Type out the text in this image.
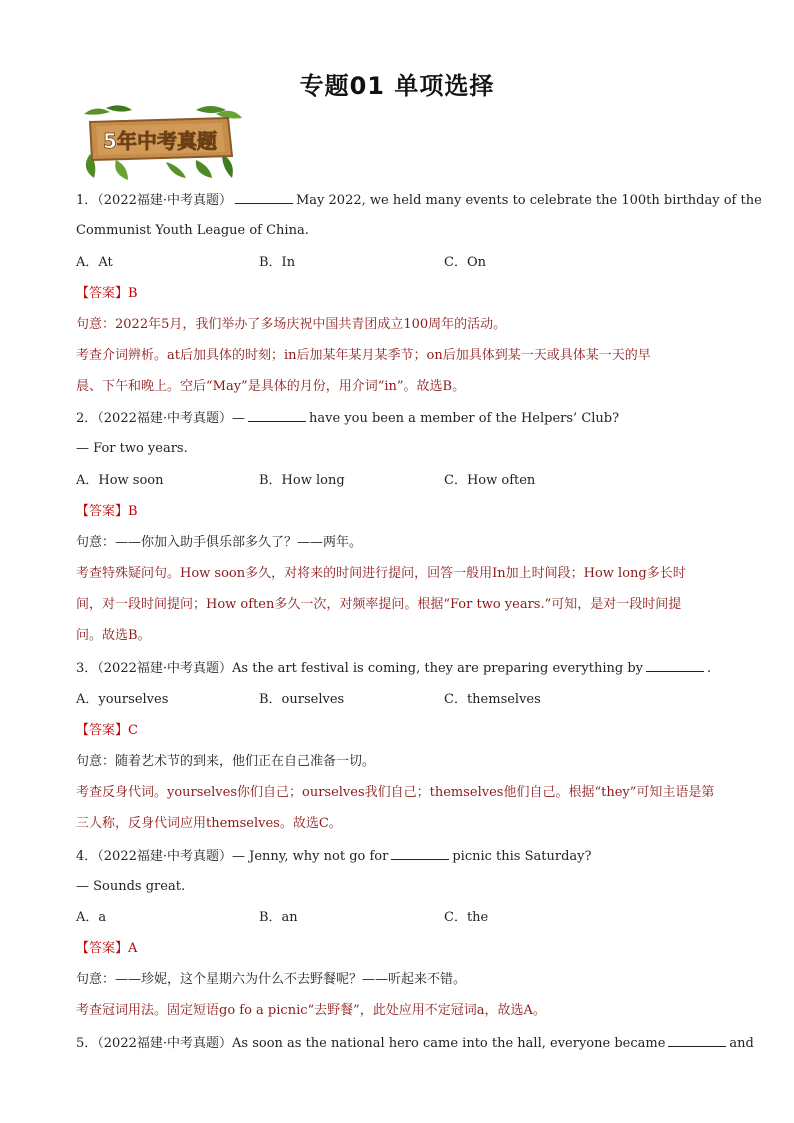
专题01 单项选择
5年中考真题
1．（2022福建·中考真题）	May 2022, we held many events to celebrate the 100th birthday of the
Communist Youth League of China.
A．At	B．In	C．On
【答案】B
句意：2022年5月，我们举办了多场庆祝中国共青团成立100周年的活动。
考查介词辨析。at后加具体的时刻；in后加某年某月某季节；on后加具体到某一天或具体某一天的早
晨、下午和晚上。空后“May”是具体的月份，用介词“in”。故选B。
2．（2022福建·中考真题）—	have you been a member of the Helpers’ Club?
— For two years.
A．How soon	B．How long	C．How often
【答案】B
句意：——你加入助手俱乐部多久了？——两年。
考查特殊疑问句。How soon多久，对将来的时间进行提问，回答一般用In加上时间段；How long多长时
间，对一段时间提问；How often多久一次，对频率提问。根据“For two years.”可知，是对一段时间提
问。故选B。
3．（2022福建·中考真题）As the art festival is coming, they are preparing everything by	.
A．yourselves	B．ourselves	C．themselves
【答案】C
句意：随着艺术节的到来，他们正在自己准备一切。
考查反身代词。yourselves你们自己；ourselves我们自己；themselves他们自己。根据“they”可知主语是第
三人称，反身代词应用themselves。故选C。
4．（2022福建·中考真题）— Jenny, why not go for	picnic this Saturday?
— Sounds great.
A．a	B．an	C．the
【答案】A
句意：——珍妮，这个星期六为什么不去野餐呢？——听起来不错。
考查冠词用法。固定短语go fo a picnic“去野餐”，此处应用不定冠词a，故选A。
5．（2022福建·中考真题）As soon as the national hero came into the hall, everyone became	and
